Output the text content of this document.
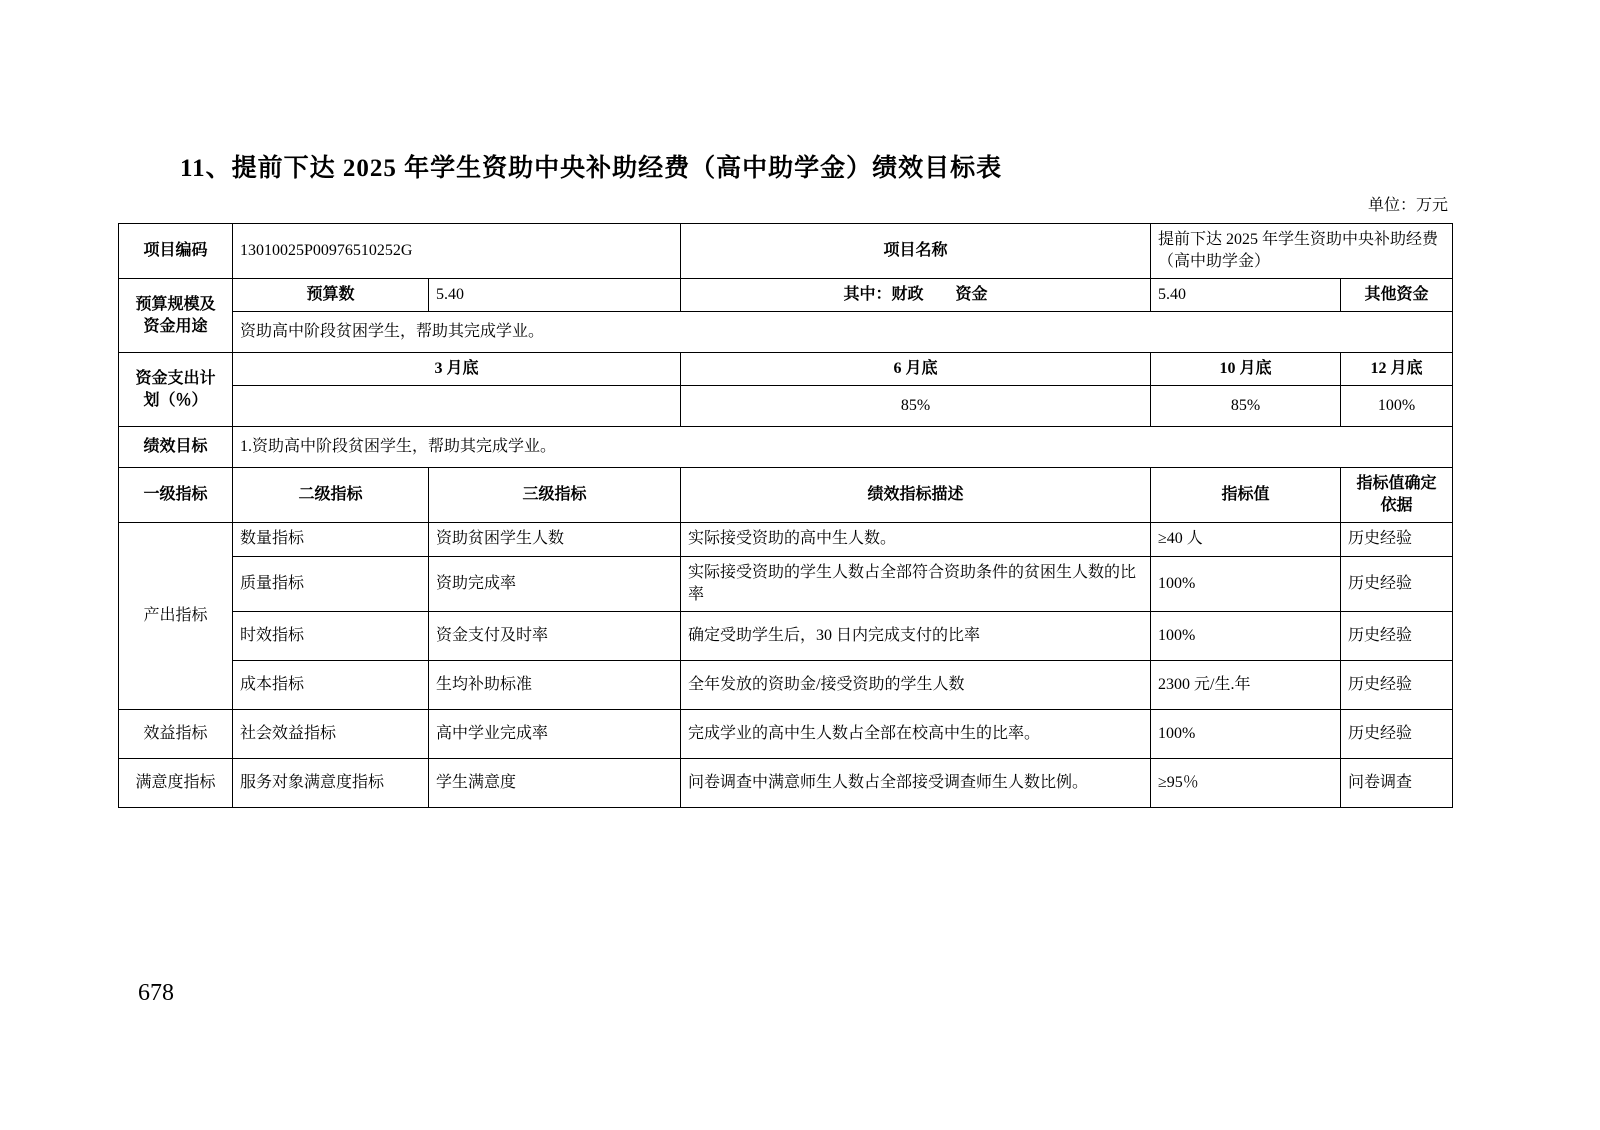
11、提前下达 2025 年学生资助中央补助经费（高中助学金）绩效目标表
单位：万元
项目编码	13010025P00976510252G		项目名称	提前下达 2025 年学生资助中央补助经费（高中助学金）	

预算规模及
资金用途	预算数	5.40	其中：财政　　资金	5.40	其他资金
	资助高中阶段贫困学生，帮助其完成学业。				

资金支出计
划（％）	3 月底		6 月底	10 月底	12 月底
			85%	85%	100%
绩效目标	1.资助高中阶段贫困学生，帮助其完成学业。				
一级指标	二级指标	三级指标	绩效指标描述	指标值	指标值确定
依据

产出指标	数量指标	资助贫困学生人数	实际接受资助的高中生人数。	≥40 人	历史经验
	质量指标	资助完成率	实际接受资助的学生人数占全部符合资助条件的贫困生人数的比率	100%	历史经验
	时效指标	资金支付及时率	确定受助学生后，30 日内完成支付的比率	100%	历史经验
	成本指标	生均补助标准	全年发放的资助金/接受资助的学生人数	2300 元/生.年	历史经验
效益指标	社会效益指标	高中学业完成率	完成学业的高中生人数占全部在校高中生的比率。	100%	历史经验
满意度指标	服务对象满意度指标	学生满意度	问卷调查中满意师生人数占全部接受调查师生人数比例。	≥95％	问卷调查
678
